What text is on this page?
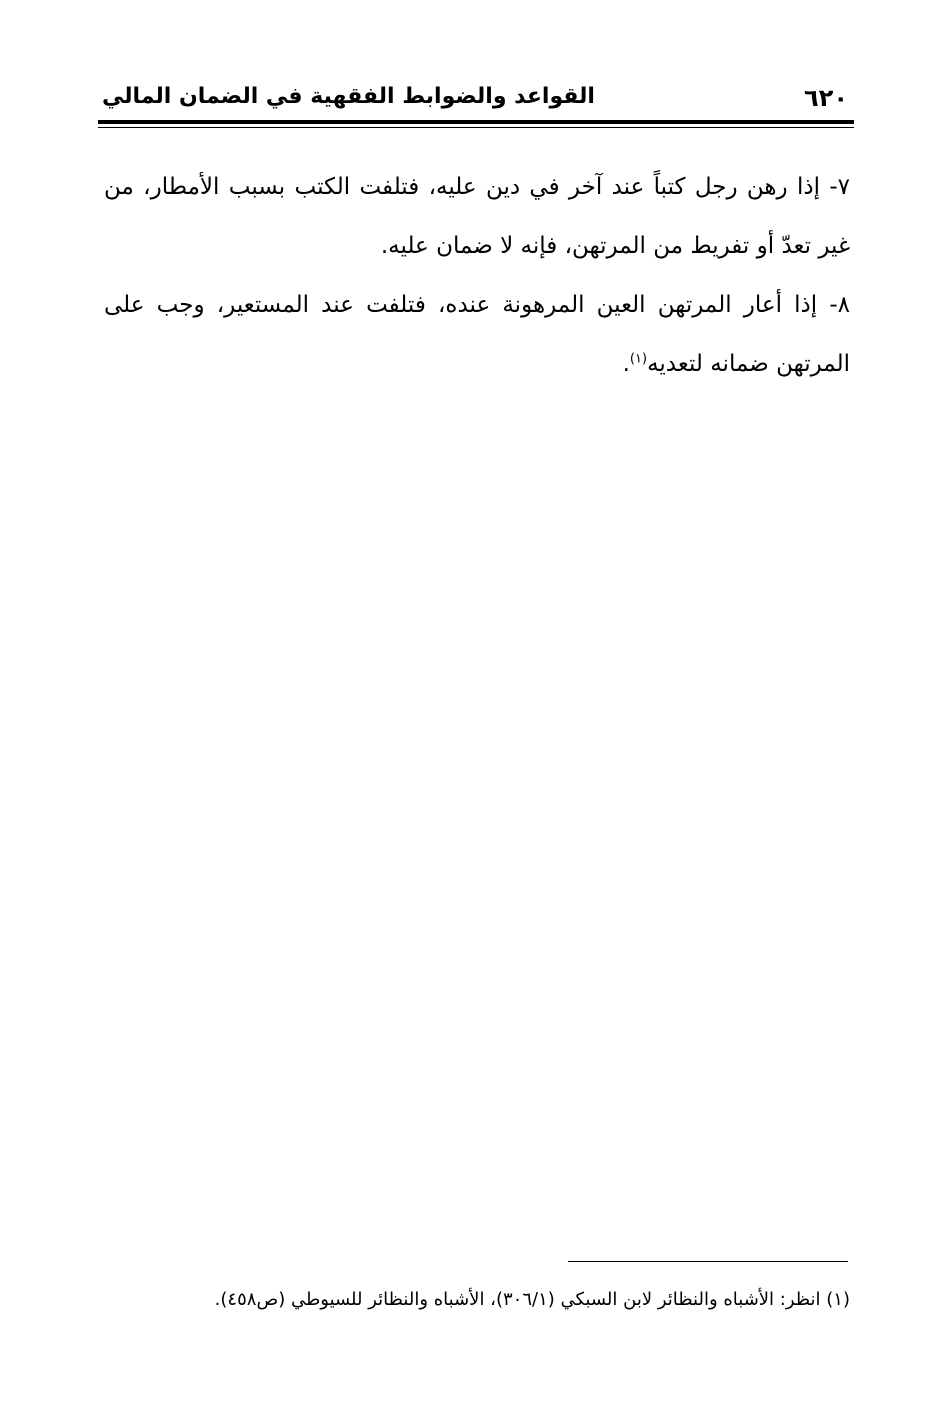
٦٢٠
القواعد والضوابط الفقهية في الضمان المالي

٧- إذا رهن رجل كتباً عند آخر في دين عليه، فتلفت الكتب بسبب الأمطار، من غير تعدّ أو تفريط من المرتهن، فإنه لا ضمان عليه.

٨- إذا أعار المرتهن العين المرهونة عنده، فتلفت عند المستعير، وجب على المرتهن ضمانه لتعديه$^{(١)}$.

(١) انظر: الأشباه والنظائر لابن السبكي (٣٠٦/١)، الأشباه والنظائر للسيوطي (ص٤٥٨).
